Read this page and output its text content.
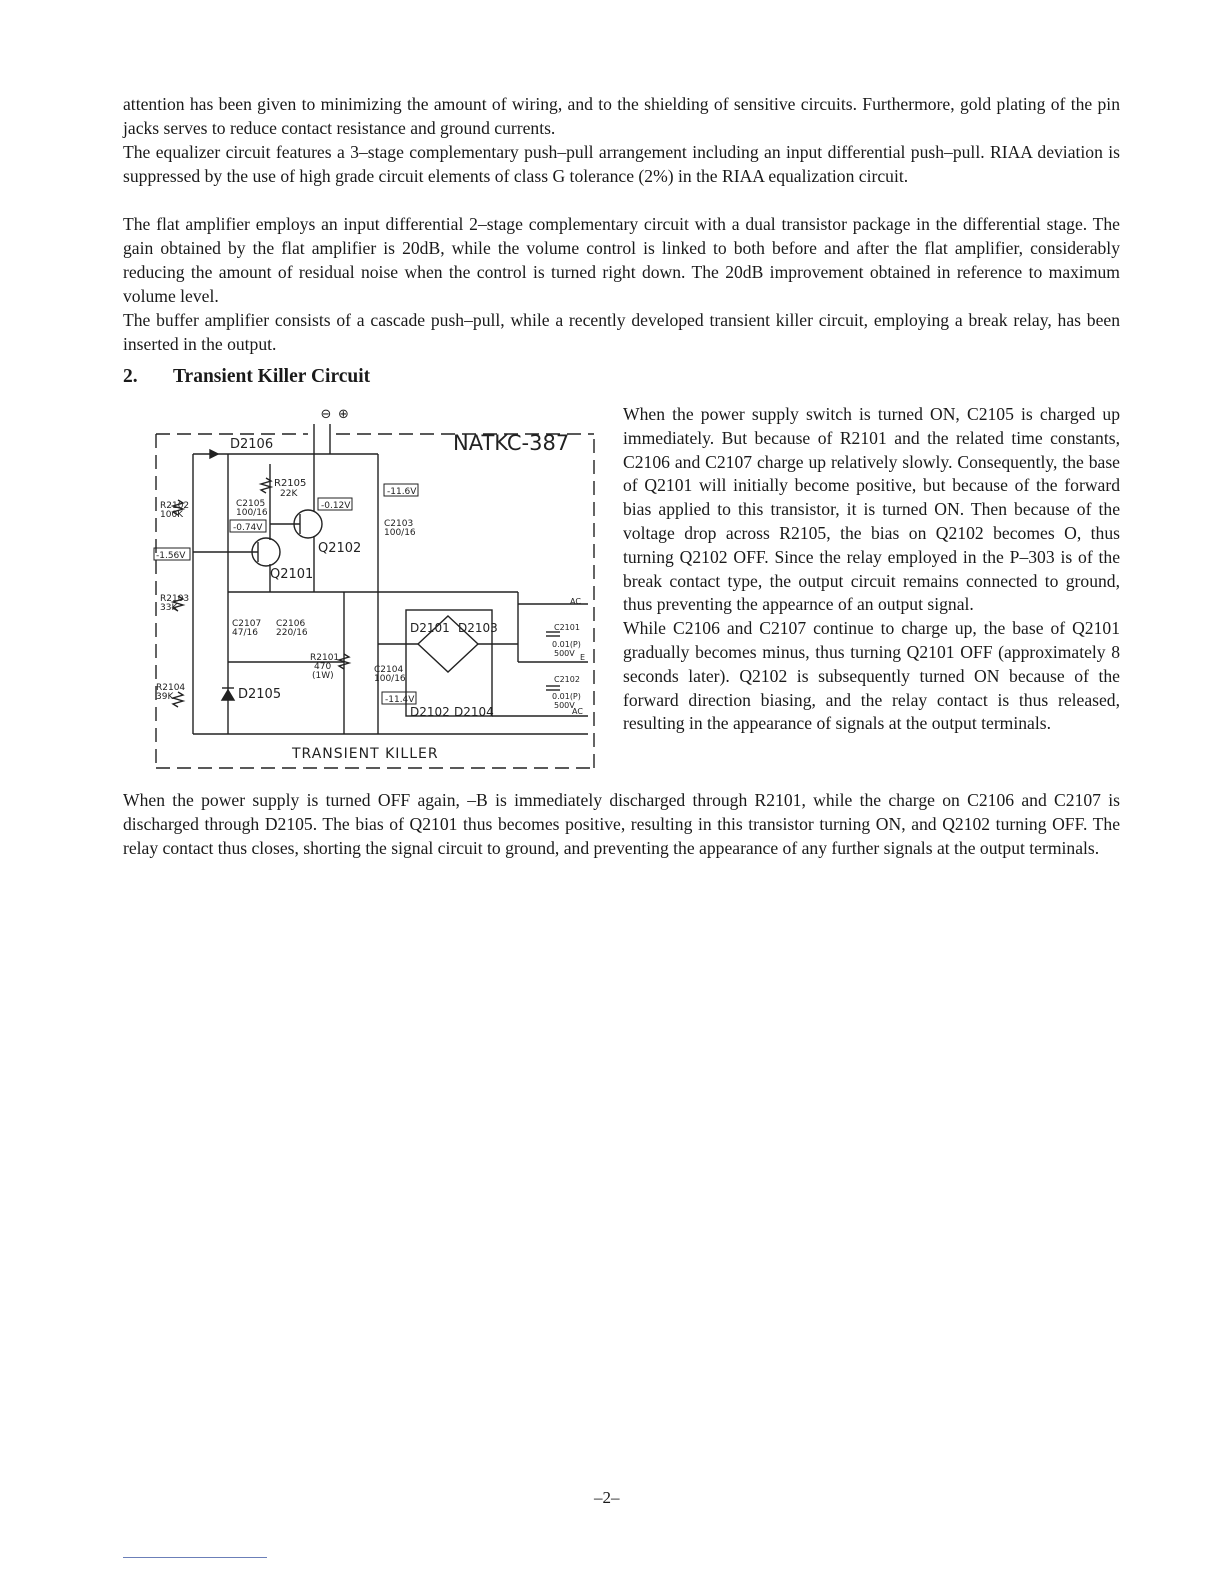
attention has been given to minimizing the amount of wiring, and to the shielding of sensitive circuits. Furthermore, gold plating of the pin jacks serves to reduce contact resistance and ground currents.
The equalizer circuit features a 3–stage complementary push–pull arrangement including an input differential push–pull. RIAA deviation is suppressed by the use of high grade circuit elements of class G tolerance (2%) in the RIAA equalization circuit.
The flat amplifier employs an input differential 2–stage complementary circuit with a dual transistor package in the differential stage. The gain obtained by the flat amplifier is 20dB, while the volume control is linked to both before and after the flat amplifier, considerably reducing the amount of residual noise when the control is turned right down. The 20dB improvement obtained in reference to maximum volume level.
The buffer amplifier consists of a cascade push–pull, while a recently developed transient killer circuit, employing a break relay, has been inserted in the output.
2. Transient Killer Circuit
⊖ ⊕
NATKC-387
D2106
R2105
22K
R2102
100K
C2105
100/16
-0.74V
-0.12V
-11.6V
C2103
100/16
Q2102
-1.56V
Q2101
R2103
33K
C2107
47/16
C2106
220/16
R2101
470
(1W)
C2104
100/16
-11.4V
D2101 D2103
D2102 D2104
R2104
39K	D2105
C2101
0.01(P)
500V
C2102
0.01(P)
500V
AC
E
AC
TRANSIENT KILLER
When the power supply switch is turned ON, C2105 is charged up immediately. But because of R2101 and the related time constants, C2106 and C2107 charge up relatively slowly. Consequently, the base of Q2101 will initially become positive, but because of the forward bias applied to this transistor, it is turned ON. Then because of the voltage drop across R2105, the bias on Q2102 becomes O, thus turning Q2102 OFF. Since the relay employed in the P–303 is of the break contact type, the output circuit remains connected to ground, thus preventing the appearnce of an output signal.
While C2106 and C2107 continue to charge up, the base of Q2101 gradually becomes minus, thus turning Q2101 OFF (approximately 8 seconds later). Q2102 is subsequently turned ON because of the forward direction biasing, and the relay contact is thus released, resulting in the appearance of signals at the output terminals.
When the power supply is turned OFF again, –B is immediately discharged through R2101, while the charge on C2106 and C2107 is discharged through D2105. The bias of Q2101 thus becomes positive, resulting in this transistor turning ON, and Q2102 turning OFF. The relay contact thus closes, shorting the signal circuit to ground, and preventing the appearance of any further signals at the output terminals.
–2–
